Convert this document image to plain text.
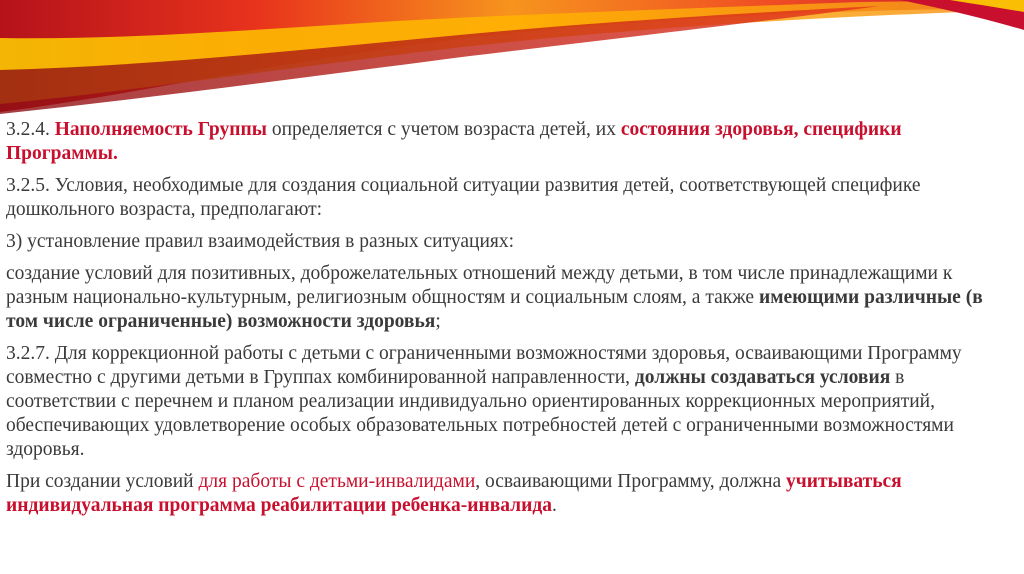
3.2.4. Наполняемость Группы определяется с учетом возраста детей, их состояния здоровья, специфики Программы.

3.2.5. Условия, необходимые для создания социальной ситуации развития детей, соответствующей специфике дошкольного возраста, предполагают:

3) установление правил взаимодействия в разных ситуациях:

создание условий для позитивных, доброжелательных отношений между детьми, в том числе принадлежащими к разным национально-культурным, религиозным общностям и социальным слоям, а также имеющими различные (в том числе ограниченные) возможности здоровья;

3.2.7. Для коррекционной работы с детьми с ограниченными возможностями здоровья, осваивающими Программу совместно с другими детьми в Группах комбинированной направленности, должны создаваться условия в соответствии с перечнем и планом реализации индивидуально ориентированных коррекционных мероприятий, обеспечивающих удовлетворение особых образовательных потребностей детей с ограниченными возможностями здоровья.

При создании условий для работы с детьми-инвалидами, осваивающими Программу, должна учитываться индивидуальная программа реабилитации ребенка-инвалида.
